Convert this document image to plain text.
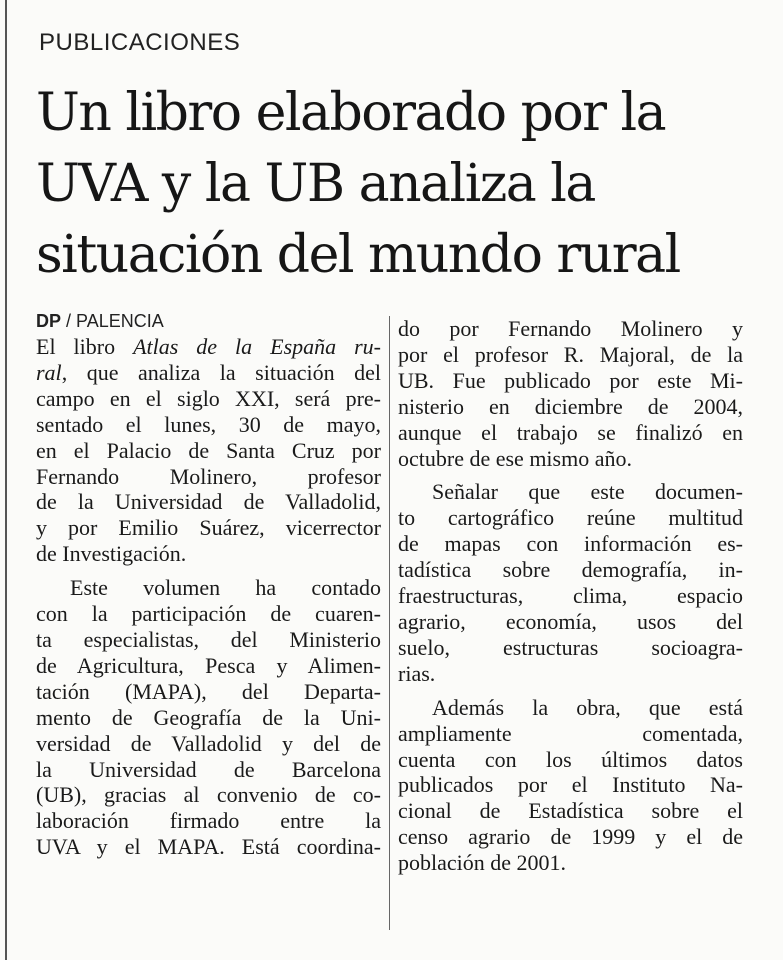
PUBLICACIONES
Un libro elaborado por la
UVA y la UB analiza la
situación del mundo rural
DP / PALENCIA
El libro Atlas de la España ru-
ral, que analiza la situación del
campo en el siglo XXI, será pre-
sentado el lunes, 30 de mayo,
en el Palacio de Santa Cruz por
Fernando Molinero, profesor
de la Universidad de Valladolid,
y por Emilio Suárez, vicerrector
de Investigación.
Este volumen ha contado
con la participación de cuaren-
ta especialistas, del Ministerio
de Agricultura, Pesca y Alimen-
tación (MAPA), del Departa-
mento de Geografía de la Uni-
versidad de Valladolid y del de
la Universidad de Barcelona
(UB), gracias al convenio de co-
laboración firmado entre la
UVA y el MAPA. Está coordina-
do por Fernando Molinero y
por el profesor R. Majoral, de la
UB. Fue publicado por este Mi-
nisterio en diciembre de 2004,
aunque el trabajo se finalizó en
octubre de ese mismo año.
Señalar que este documen-
to cartográfico reúne multitud
de mapas con información es-
tadística sobre demografía, in-
fraestructuras, clima, espacio
agrario, economía, usos del
suelo, estructuras socioagra-
rias.
Además la obra, que está
ampliamente comentada,
cuenta con los últimos datos
publicados por el Instituto Na-
cional de Estadística sobre el
censo agrario de 1999 y el de
población de 2001.
